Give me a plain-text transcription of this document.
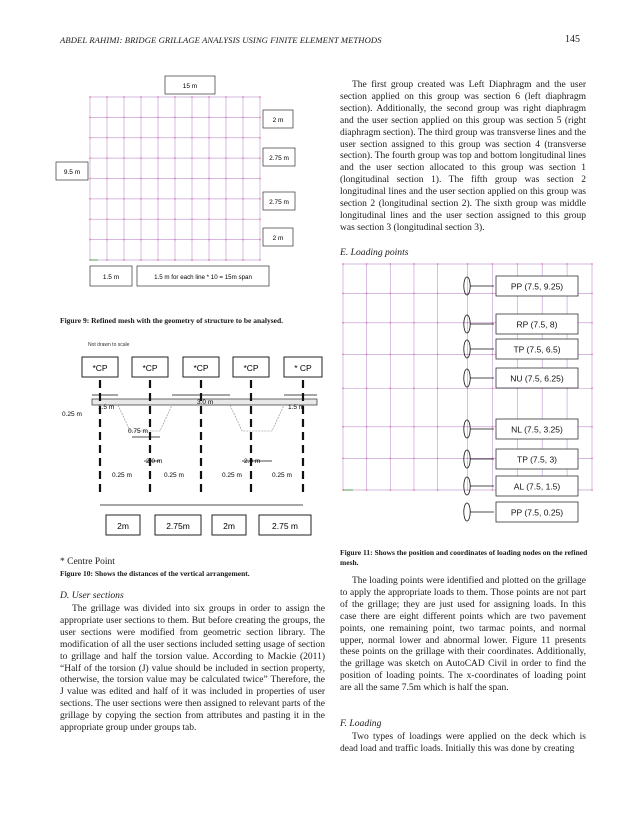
ABDEL RAHIMI: BRIDGE GRILLAGE ANALYSIS USING FINITE ELEMENT METHODS	145
15 m
9.5 m
2 m
2.75 m
2.75 m
2 m
1.5 m	1.5 m for each line * 10 = 15m span
Figure 9: Refined mesh with the geometry of structure to be analysed.
Not drawn to scale
*CP	*CP	*CP	*CP	* CP
1.5 m
3.0 m
1.5 m
0.25 m
0.75 m
2.0 m	2.0 m
0.25 m	0.25 m	0.25 m	0.25 m
2m	2.75m	2m	2.75 m
* Centre Point
Figure 10: Shows the distances of the vertical arrangement.
D. User sections

The grillage was divided into six groups in order to assign the appropriate user sections to them. But before creating the groups, the user sections were modified from geometric section library. The modification of all the user sections included setting usage of section to grillage and half the torsion value. According to Mackie (2011) “Half of the torsion (J) value should be included in section property, otherwise, the torsion value may be calculated twice” Therefore, the J value was edited and half of it was included in properties of user sections. The user sections were then assigned to relevant parts of the grillage by copying the section from attributes and pasting it in the appropriate group under groups tab.

The first group created was Left Diaphragm and the user section applied on this group was section 6 (left diaphragm section). Additionally, the second group was right diaphragm and the user section applied on this group was section 5 (right diaphragm section). The third group was transverse lines and the user section assigned to this group was section 4 (transverse section). The fourth group was top and bottom longitudinal lines and the user section allocated to this group was section 1 (longitudinal section 1). The fifth group was section 2 longitudinal lines and the user section applied on this group was section 2 (longitudinal section 2). The sixth group was middle longitudinal lines and the user section assigned to this group was section 3 (longitudinal section 3).

E. Loading points
PP (7.5, 9.25)
RP (7.5, 8)
TP (7.5, 6.5)
NU (7.5, 6.25)
NL (7.5, 3.25)
TP (7.5, 3)
AL (7.5, 1.5)
PP (7.5, 0.25)
Figure 11: Shows the position and coordinates of loading nodes on the refined mesh.

The loading points were identified and plotted on the grillage to apply the appropriate loads to them. Those points are not part of the grillage; they are just used for assigning loads. In this case there are eight different points which are two pavement points, one remaining point, two tarmac points, and normal upper, normal lower and abnormal lower. Figure 11 presents these points on the grillage with their coordinates. Additionally, the grillage was sketch on AutoCAD Civil in order to find the position of loading points. The x-coordinates of loading point are all the same 7.5m which is half the span.

F. Loading

Two types of loadings were applied on the deck which is dead load and traffic loads. Initially this was done by creating
